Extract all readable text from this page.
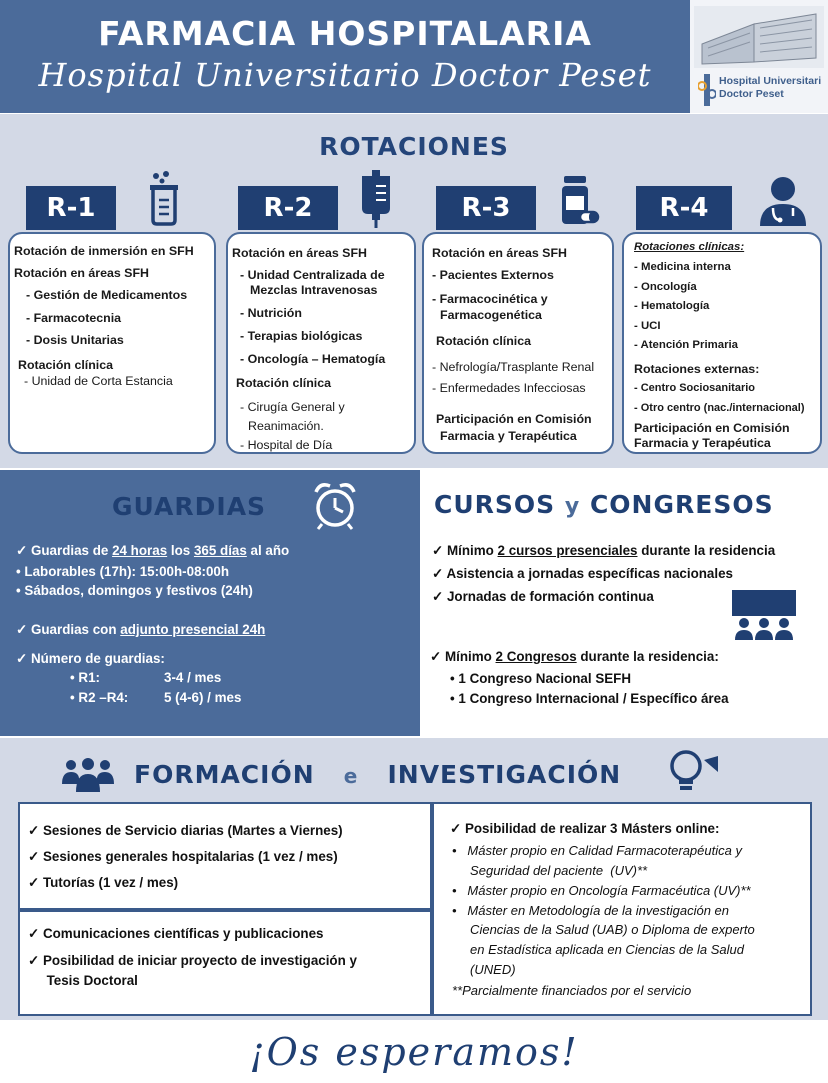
FARMACIA HOSPITALARIA
Hospital Universitario Doctor Peset	Hospital Universitari
Doctor Peset
ROTACIONES
R-1
Rotación de inmersión en SFH
Rotación en áreas SFH
- Gestión de Medicamentos
- Farmacotecnia
- Dosis Unitarias
Rotación clínica
- Unidad de Corta Estancia
R-2
Rotación en áreas SFH
- Unidad Centralizada de
Mezclas Intravenosas
- Nutrición
- Terapias biológicas
- Oncología – Hematogía
Rotación clínica
- Cirugía General y
Reanimación.
- Hospital de Día
R-3
Rotación en áreas SFH
- Pacientes Externos
- Farmacocinética y
Farmacogenética
Rotación clínica
- Nefrología/Trasplante Renal
- Enfermedades Infecciosas
Participación en Comisión
Farmacia y Terapéutica
R-4
Rotaciones clínicas:
- Medicina interna
- Oncología
- Hematología
- UCI
- Atención Primaria
Rotaciones externas:
- Centro Sociosanitario
- Otro centro (nac./internacional)
Participación en Comisión
Farmacia y Terapéutica
GUARDIAS
✓ Guardias de 24 horas los 365 días al año
• Laborables (17h): 15:00h-08:00h
• Sábados, domingos y festivos (24h)
✓ Guardias con adjunto presencial 24h
✓ Número de guardias:
• R1:	3-4 / mes
• R2 –R4:	5 (4-6) / mes
CURSOS y CONGRESOS
✓ Mínimo 2 cursos presenciales durante la residencia
✓ Asistencia a jornadas específicas nacionales
✓ Jornadas de formación continua
✓ Mínimo 2 Congresos durante la residencia:
• 1 Congreso Nacional SEFH
• 1 Congreso Internacional / Específico área
FORMACIÓN e INVESTIGACIÓN
✓ Sesiones de Servicio diarias (Martes a Viernes)
✓ Sesiones generales hospitalarias (1 vez / mes)
✓ Tutorías (1 vez / mes)
✓ Comunicaciones científicas y publicaciones
✓ Posibilidad de iniciar proyecto de investigación y
Tesis Doctoral
✓ Posibilidad de realizar 3 Másters online:
•   Máster propio en Calidad Farmacoterapéutica y
Seguridad del paciente  (UV)**
•   Máster propio en Oncología Farmacéutica (UV)**
•   Máster en Metodología de la investigación en
Ciencias de la Salud (UAB) o Diploma de experto
en Estadística aplicada en Ciencias de la Salud
(UNED)
**Parcialmente financiados por el servicio
¡Os esperamos!
